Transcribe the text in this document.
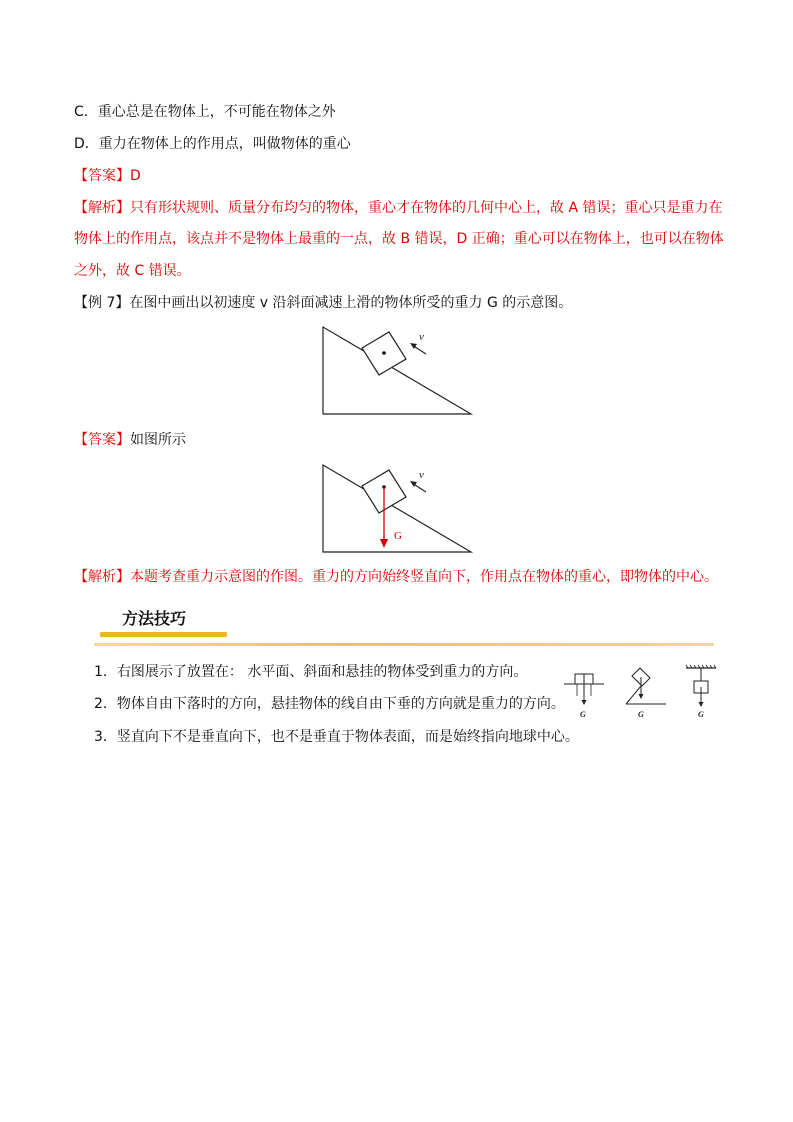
C．重心总是在物体上，不可能在物体之外
D．重力在物体上的作用点，叫做物体的重心
【答案】D
【解析】只有形状规则、质量分布均匀的物体，重心才在物体的几何中心上，故 A 错误；重心只是重力在
物体上的作用点，该点并不是物体上最重的一点，故 B 错误，D 正确；重心可以在物体上，也可以在物体
之外，故 C 错误。
【例 7】在图中画出以初速度 v 沿斜面减速上滑的物体所受的重力 G 的示意图。
v
【答案】如图所示
G
v
【解析】本题考查重力示意图的作图。重力的方向始终竖直向下，作用点在物体的重心，即物体的中心。
方法技巧
1．右图展示了放置在： 水平面、斜面和悬挂的物体受到重力的方向。
2．物体自由下落时的方向，悬挂物体的线自由下垂的方向就是重力的方向。
3．竖直向下不是垂直向下，也不是垂直于物体表面，而是始终指向地球中心。
G	G	G
